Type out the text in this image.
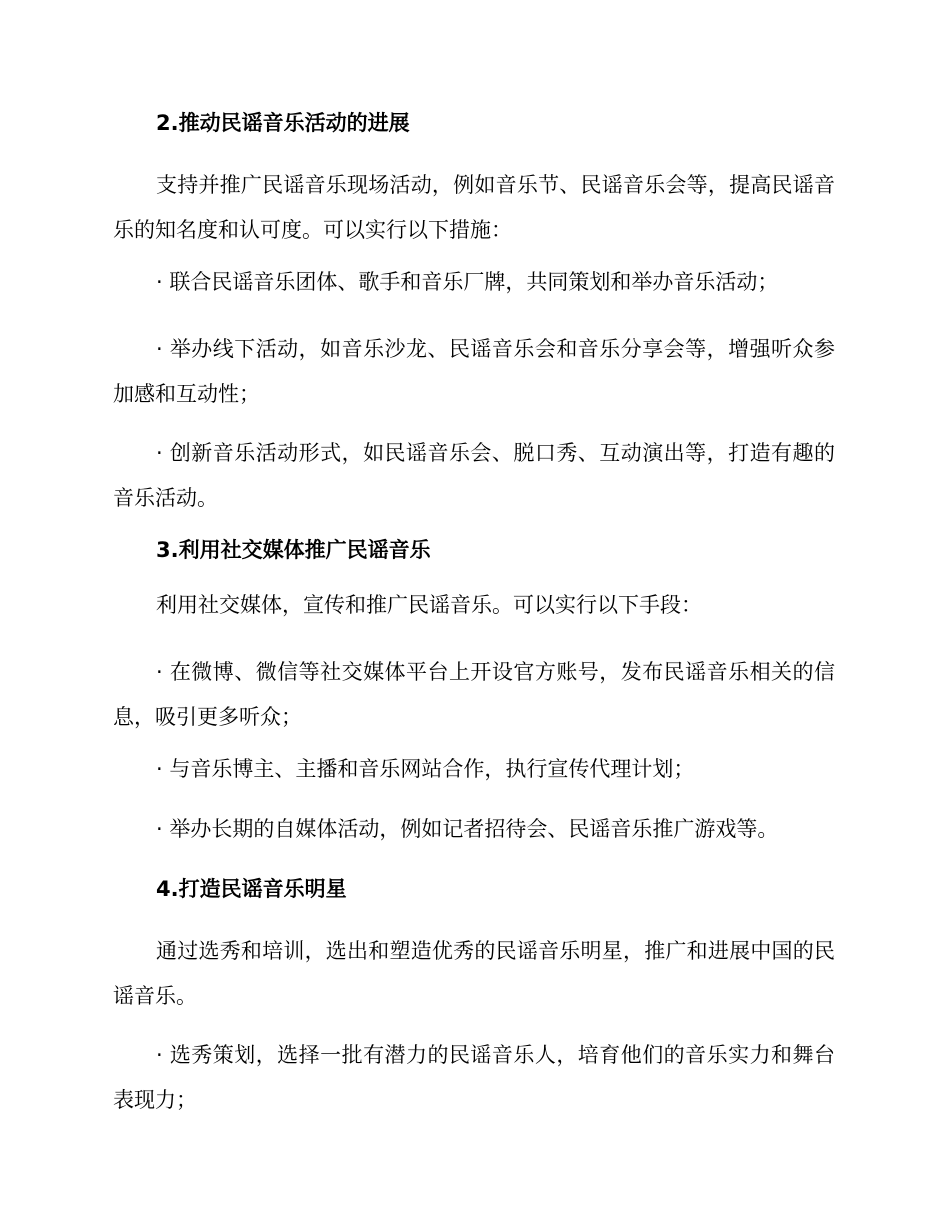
2.推动民谣音乐活动的进展
支持并推广民谣音乐现场活动，例如音乐节、民谣音乐会等，提高民谣音乐的知名度和认可度。可以实行以下措施：
· 联合民谣音乐团体、歌手和音乐厂牌，共同策划和举办音乐活动；
· 举办线下活动，如音乐沙龙、民谣音乐会和音乐分享会等，增强听众参加感和互动性；
· 创新音乐活动形式，如民谣音乐会、脱口秀、互动演出等，打造有趣的音乐活动。
3.利用社交媒体推广民谣音乐
利用社交媒体，宣传和推广民谣音乐。可以实行以下手段：
· 在微博、微信等社交媒体平台上开设官方账号，发布民谣音乐相关的信息，吸引更多听众；
· 与音乐博主、主播和音乐网站合作，执行宣传代理计划；
· 举办长期的自媒体活动，例如记者招待会、民谣音乐推广游戏等。
4.打造民谣音乐明星
通过选秀和培训，选出和塑造优秀的民谣音乐明星，推广和进展中国的民谣音乐。
· 选秀策划，选择一批有潜力的民谣音乐人，培育他们的音乐实力和舞台表现力；
